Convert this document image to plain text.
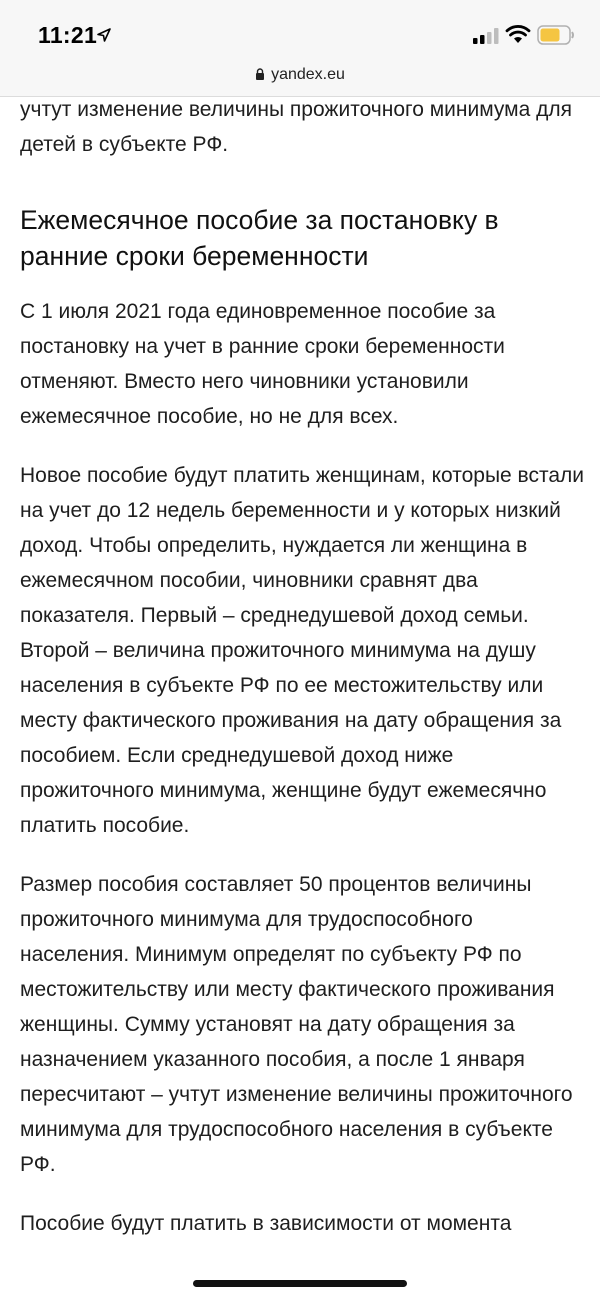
11:21
yandex.eu

учтут изменение величины прожиточного минимума для детей в субъекте РФ.

Ежемесячное пособие за постановку в ранние сроки беременности

С 1 июля 2021 года единовременное пособие за постановку на учет в ранние сроки беременности отменяют. Вместо него чиновники установили ежемесячное пособие, но не для всех.

Новое пособие будут платить женщинам, которые встали на учет до 12 недель беременности и у которых низкий доход. Чтобы определить, нуждается ли женщина в ежемесячном пособии, чиновники сравнят два показателя. Первый – среднедушевой доход семьи. Второй – величина прожиточного минимума на душу населения в субъекте РФ по ее местожительству или месту фактического проживания на дату обращения за пособием. Если среднедушевой доход ниже прожиточного минимума, женщине будут ежемесячно платить пособие.

Размер пособия составляет 50 процентов величины прожиточного минимума для трудоспособного населения. Минимум определят по субъекту РФ по местожительству или месту фактического проживания женщины. Сумму установят на дату обращения за назначением указанного пособия, а после 1 января пересчитают – учтут изменение величины прожиточного минимума для трудоспособного населения в субъекте РФ.

Пособие будут платить в зависимости от момента
